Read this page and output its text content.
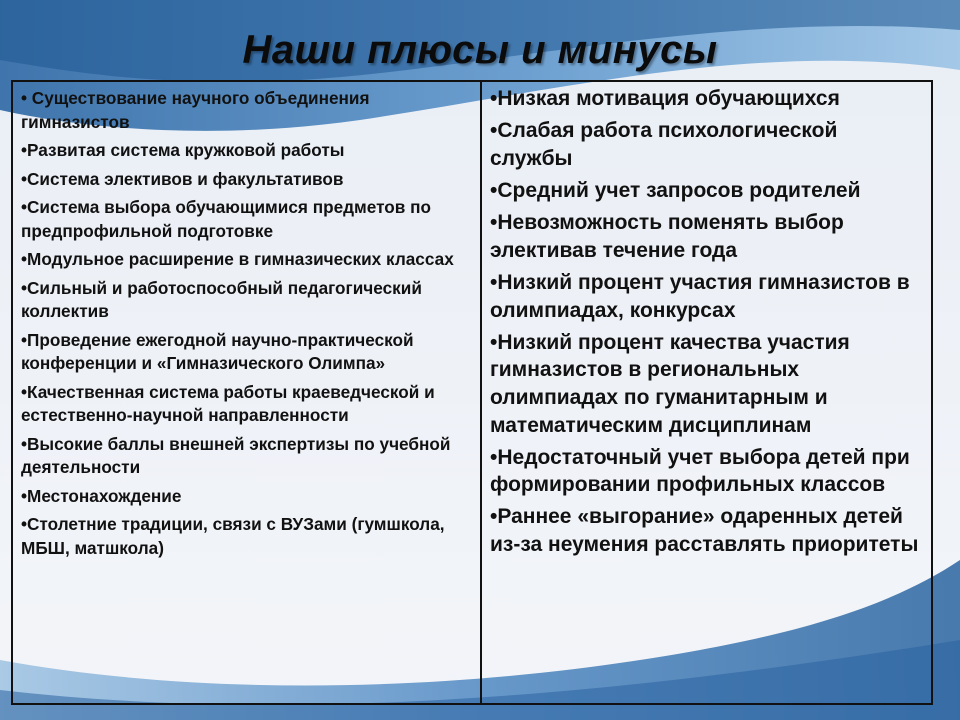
Наши плюсы и минусы

• Существование научного объединения гимназистов

•Развитая система кружковой работы

•Система элективов и факультативов

•Система выбора обучающимися предметов по предпрофильной подготовке

•Модульное расширение в гимназических классах

•Сильный и работоспособный педагогический коллектив

•Проведение ежегодной научно-практической конференции и «Гимназического Олимпа»

•Качественная система работы краеведческой и естественно-научной направленности

•Высокие баллы внешней экспертизы по учебной деятельности

•Местонахождение

•Столетние традиции, связи с ВУЗами (гумшкола, МБШ, матшкола)

•Низкая мотивация обучающихся

•Слабая работа психологической службы

•Средний учет запросов родителей

•Невозможность поменять выбор элективав течение года

•Низкий процент участия гимназистов в олимпиадах, конкурсах

•Низкий процент качества участия гимназистов в региональных олимпиадах по гуманитарным и математическим дисциплинам

•Недостаточный учет выбора детей при формировании профильных классов

•Раннее «выгорание» одаренных детей из-за неумения расставлять приоритеты
